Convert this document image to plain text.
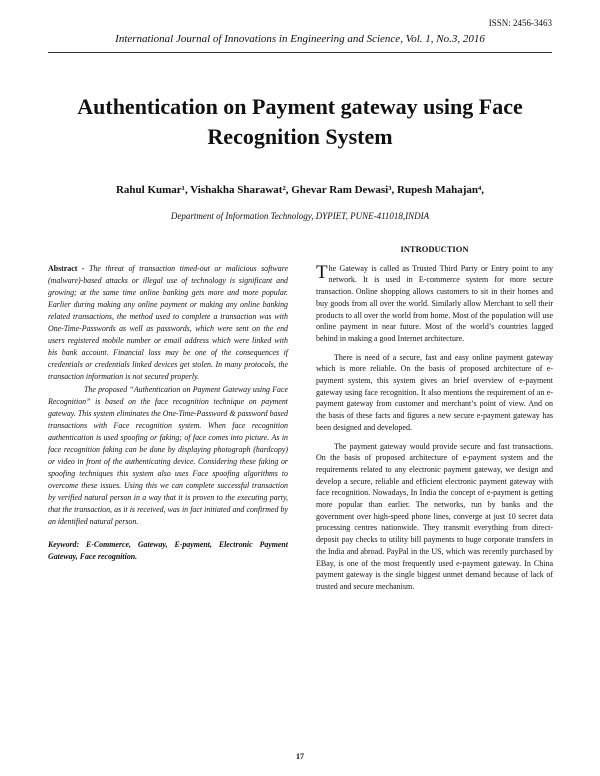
ISSN: 2456-3463
International Journal of Innovations in Engineering and Science, Vol. 1, No.3, 2016
Authentication on Payment gateway using Face Recognition System
Rahul Kumar¹, Vishakha Sharawat², Ghevar Ram Dewasi³, Rupesh Mahajan⁴,
Department of Information Technology, DYPIET, PUNE-411018,INDIA

Abstract - The threat of transaction timed-out or malicious software (malware)-based attacks or illegal use of technology is significant and growing; at the same time online banking gets more and more popular. Earlier during making any online payment or making any online banking related transactions, the method used to complete a transaction was with One-Time-Passwords as well as passwords, which were sent on the end users registered mobile number or email address which were linked with his bank account. Financial loss may be one of the consequences if credentials or credentials linked devices get stolen. In many protocols, the transaction information is not secured properly.

The proposed “Authentication on Payment Gateway using Face Recognition” is based on the face recognition technique on payment gateway. This system eliminates the One-Time-Password & password based transactions with Face recognition system. When face recognition authentication is used spoofing or faking; of face comes into picture. As in face recognition faking can be done by displaying photograph (hardcopy) or video in front of the authenticating device. Considering these faking or spoofing techniques this system also uses Face spoofing algorithms to overcome these issues. Using this we can complete successful transaction by verified natural person in a way that it is proven to the executing party, that the transaction, as it is received, was in fact initiated and confirmed by an identified natural person.

Keyword: E-Commerce, Gateway, E-payment, Electronic Payment Gateway, Face recognition.

INTRODUCTION

The Gateway is called as Trusted Third Party or Entry point to any network. It is used in E-commerce system for more secure transaction. Online shopping allows customers to sit in their homes and buy goods from all over the world. Similarly allow Merchant to sell their products to all over the world from home. Most of the population will use online payment in near future. Most of the world’s countries lagged behind in making a good Internet architecture.

There is need of a secure, fast and easy online payment gateway which is more reliable. On the basis of proposed architecture of e-payment system, this system gives an brief overview of e-payment gateway using face recognition. It also mentions the requirement of an e-payment gateway from customer and merchant’s point of view. And on the basis of these facts and figures a new secure e-payment gateway has been designed and developed.

The payment gateway would provide secure and fast transactions. On the basis of proposed architecture of e-payment system and the requirements related to any electronic payment gateway, we design and develop a secure, reliable and efficient electronic payment gateway with face recognition. Nowadays, In India the concept of e-payment is getting more popular than earlier. The networks, run by banks and the government over high-speed phone lines, converge at just 10 secret data processing centres nationwide. They transmit everything from direct-deposit pay checks to utility bill payments to huge corporate transfers in the India and abroad. PayPal in the US, which was recently purchased by EBay, is one of the most frequently used e-payment gateway. In China payment gateway is the single biggest unmet demand because of lack of trusted and secure mechanism.

17
